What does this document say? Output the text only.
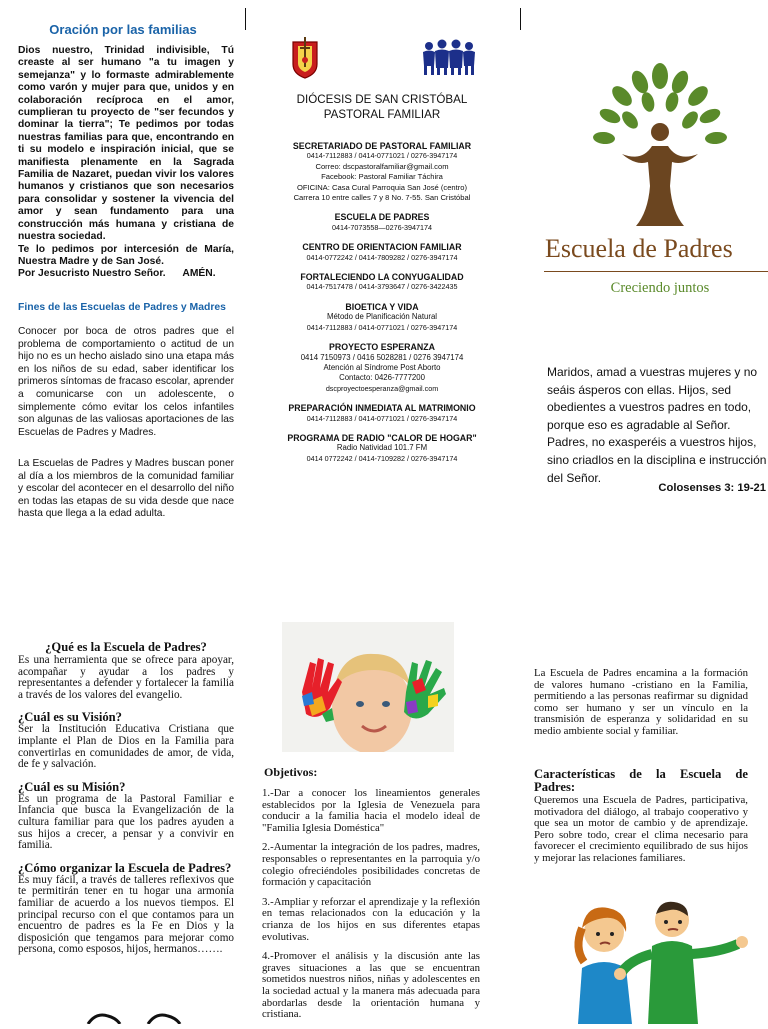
Oración por las familias
Dios nuestro, Trinidad indivisible, Tú creaste al ser humano "a tu imagen y semejanza" y lo formaste admirablemente como varón y mujer para que, unidos y en colaboración recíproca en el amor, cumplieran tu proyecto de "ser fecundos y dominar la tierra"; Te pedimos por todas nuestras familias para que, encontrando en ti su modelo e inspiración inicial, que se manifiesta plenamente en la Sagrada Familia de Nazaret, puedan vivir los valores humanos y cristianos que son necesarios para consolidar y sostener la vivencia del amor y sean fundamento para una construcción más humana y cristiana de nuestra sociedad.
Te lo pedimos por intercesión de María, Nuestra Madre y de San José.
Por Jesucristo Nuestro Señor.      AMÉN.
Fines de las Escuelas de Padres y Madres
Conocer por boca de otros padres que el problema de comportamiento o actitud de un hijo no es un hecho aislado sino una etapa más en los niños de su edad, saber identificar los primeros síntomas de fracaso escolar, aprender a comunicarse con un adolescente, o simplemente cómo evitar los celos infantiles son algunas de las valiosas aportaciones de las Escuelas de Padres y Madres.
La Escuelas de Padres y Madres buscan poner al día a los miembros de la comunidad familiar y escolar del acontecer en el desarrollo del niño en todas las etapas de su vida desde que nace hasta que llega a la edad adulta.
DIÓCESIS DE SAN CRISTÓBAL
PASTORAL FAMILIAR
SECRETARIADO DE PASTORAL FAMILIAR
0414-7112883 / 0414-0771021 / 0276-3947174
Correo: dscpastoralfamiliar@gmail.com
Facebook: Pastoral Familiar Táchira
OFICINA: Casa Cural Parroquia San José (centro)
Carrera 10 entre calles 7 y 8 No. 7-55. San Cristóbal
ESCUELA DE PADRES
0414-7073558—0276-3947174
CENTRO DE ORIENTACION FAMILIAR
0414-0772242 / 0414-7809282 / 0276-3947174
FORTALECIENDO LA CONYUGALIDAD
0414-7517478 / 0414-3793647 / 0276-3422435
BIOETICA Y VIDA
Método de Planificación Natural
0414-7112883 / 0414-0771021 / 0276-3947174
PROYECTO ESPERANZA
0414 7150973 / 0416 5028281 / 0276 3947174
Atención al Síndrome Post Aborto
Contacto: 0426-7777200
dscproyectoesperanza@gmail.com
PREPARACIÓN INMEDIATA AL MATRIMONIO
0414-7112883 / 0414-0771021 / 0276-3947174
PROGRAMA DE RADIO "CALOR DE HOGAR"
Radio Natividad 101.7 FM
0414 0772242 / 0414-7109282 / 0276-3947174
Escuela de Padres
Creciendo juntos
Maridos, amad a vuestras mujeres y no seáis ásperos con ellas. Hijos, sed obedientes a vuestros padres en todo, porque eso es agradable al Señor. Padres, no exasperéis a vuestros hijos, sino criadlos en la disciplina e instrucción del Señor.
Colosenses 3: 19-21
¿Qué es la Escuela de Padres?
Es una herramienta que se ofrece para apoyar, acompañar y ayudar a los padres y representantes a defender y fortalecer la familia a través de los valores del evangelio.
¿Cuál es su Visión?
Ser la Institución Educativa Cristiana que implante el Plan de Dios en la Familia para convertirlas en comunidades de amor, de vida, de fe y salvación.
¿Cuál es su Misión?
Es un programa de la Pastoral Familiar e Infancia que busca la Evangelización de la cultura familiar para que los padres ayuden a sus hijos a crecer, a pensar y a convivir en familia.
¿Cómo organizar la Escuela de Padres?
Es muy fácil, a través de talleres reflexivos que te permitirán tener en tu hogar una armonía familiar de acuerdo a los nuevos tiempos. El principal recurso con el que contamos para un encuentro de padres es la Fe en Dios y la disposición que tengamos para mejorar como persona, como esposos, hijos, hermanos…….
Objetivos:
1.-Dar a conocer los lineamientos generales establecidos por la Iglesia de Venezuela para conducir a la familia hacia el modelo ideal de "Familia Iglesia Doméstica"
2.-Aumentar la integración de los padres, madres, responsables o representantes en la parroquia y/o colegio ofreciéndoles posibilidades concretas de formación y capacitación
3.-Ampliar y reforzar el aprendizaje y la reflexión en temas relacionados con la educación y la crianza de los hijos en sus diferentes etapas evolutivas.
4.-Promover el análisis y la discusión ante las graves situaciones a las que se encuentran sometidos nuestros niños, niñas y adolescentes en la sociedad actual y la manera más adecuada para abordarlas desde la orientación humana y cristiana.
La Escuela de Padres encamina a la formación de valores humano -cristiano en la Familia, permitiendo a las personas reafirmar su dignidad como ser humano y ser un vínculo en la transmisión de esperanza y solidaridad en su medio ambiente social y familiar.
Características de la Escuela de Padres:
Queremos una Escuela de Padres, participativa, motivadora del diálogo, al trabajo cooperativo y que sea un motor de cambio y de aprendizaje. Pero sobre todo, crear el clima necesario para favorecer el crecimiento equilibrado de sus hijos y mejorar las relaciones familiares.
